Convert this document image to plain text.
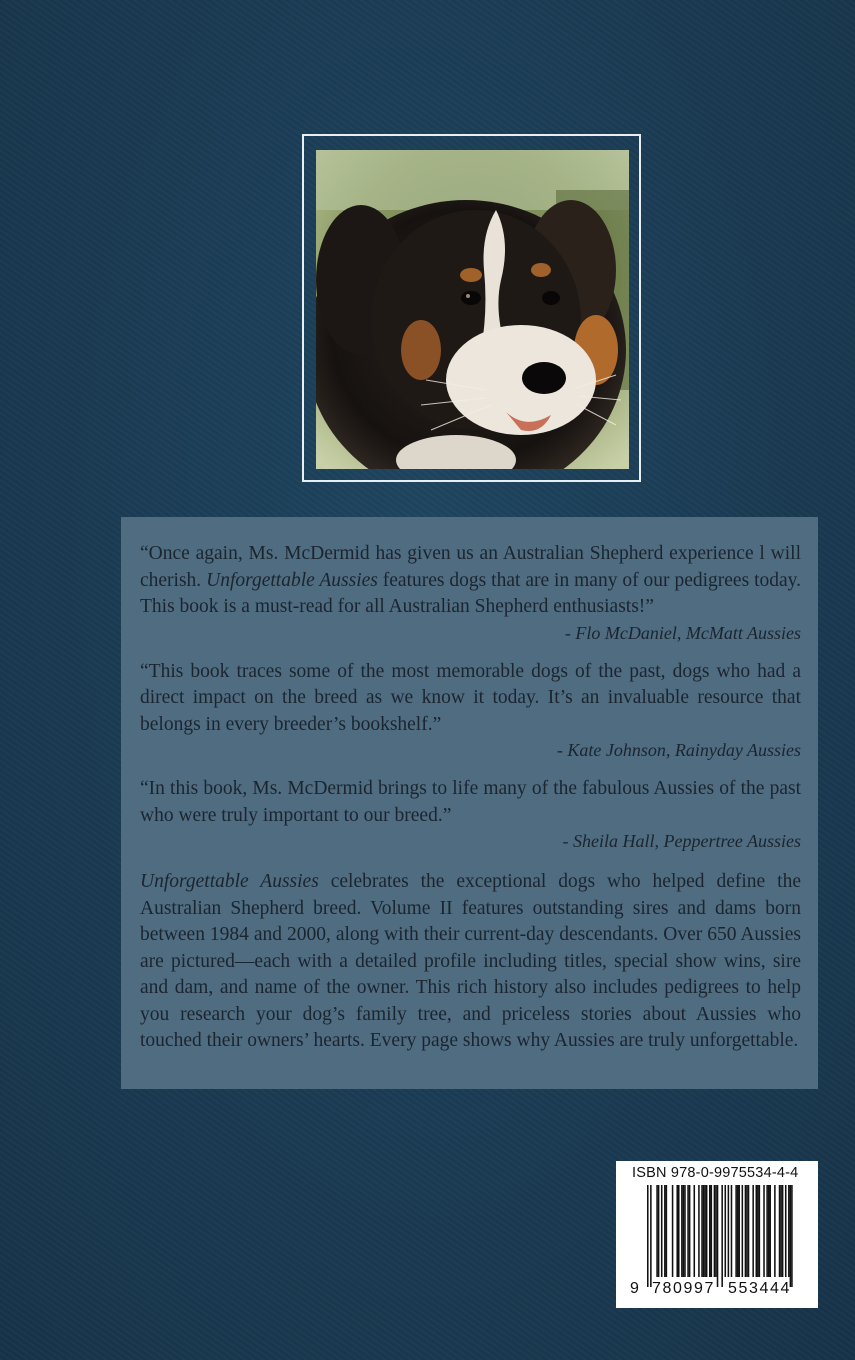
“Once again, Ms. McDermid has given us an Australian Shepherd experience l will cherish. Unforgettable Aussies features dogs that are in many of our pedigrees today. This book is a must-read for all Australian Shepherd enthusiasts!”

- Flo McDaniel, McMatt Aussies

“This book traces some of the most memorable dogs of the past, dogs who had a direct impact on the breed as we know it today. It’s an invaluable resource that belongs in every breeder’s bookshelf.”

- Kate Johnson, Rainyday Aussies

“In this book, Ms. McDermid brings to life many of the fabulous Aussies of the past who were truly important to our breed.”

- Sheila Hall, Peppertree Aussies

Unforgettable Aussies celebrates the exceptional dogs who helped define the Australian Shepherd breed. Volume II features outstanding sires and dams born between 1984 and 2000, along with their current-day descendants. Over 650 Aussies are pictured—each with a detailed profile including titles, special show wins, sire and dam, and name of the owner. This rich history also includes pedigrees to help you research your dog’s family tree, and priceless stories about Aussies who touched their owners’ hearts. Every page shows why Aussies are truly unforgettable.

ISBN 978-0-9975534-4-4
9 780997 553444
